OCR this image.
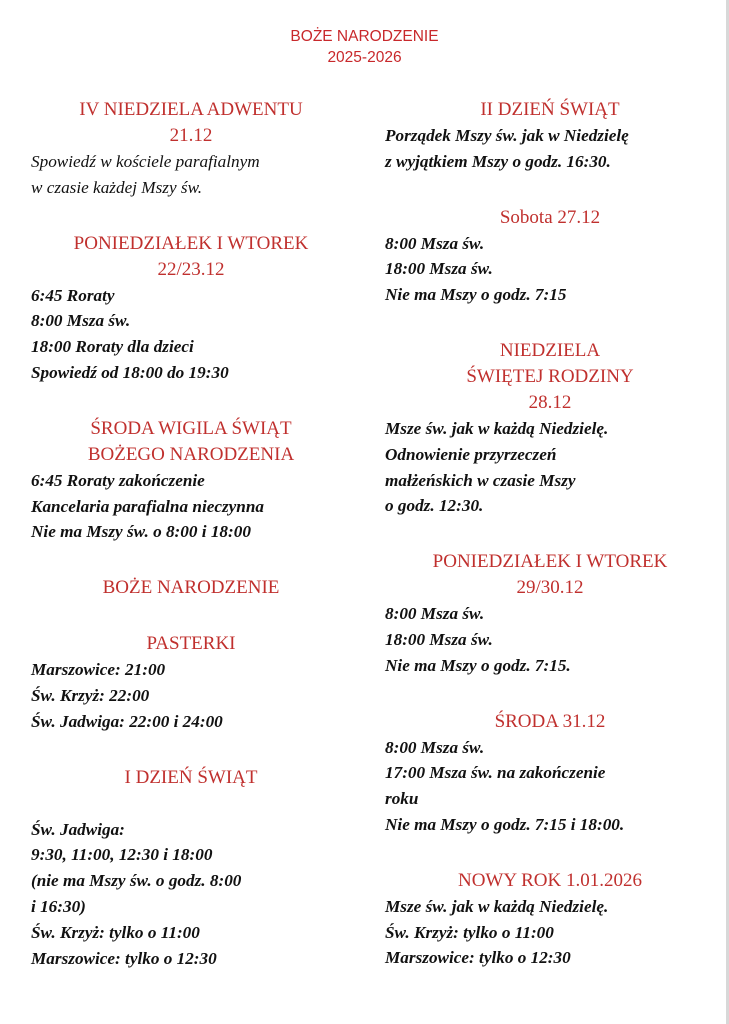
BOŻE NARODZENIE
2025-2026
IV NIEDZIELA ADWENTU
21.12
Spowiedź w kościele parafialnym
w czasie każdej Mszy św.
PONIEDZIAŁEK I WTOREK
22/23.12
6:45 Roraty
8:00 Msza św.
18:00 Roraty dla dzieci
Spowiedź od 18:00 do 19:30
ŚRODA WIGILA ŚWIĄT
BOŻEGO NARODZENIA
6:45 Roraty zakończenie
Kancelaria parafialna nieczynna
Nie ma Mszy św. o 8:00 i 18:00
BOŻE NARODZENIE
PASTERKI
Marszowice: 21:00
Św. Krzyż: 22:00
Św. Jadwiga: 22:00 i 24:00
I DZIEŃ ŚWIĄT
Św. Jadwiga:
9:30, 11:00, 12:30 i 18:00
(nie ma Mszy św. o godz. 8:00
i 16:30)
Św. Krzyż: tylko o 11:00
Marszowice: tylko o 12:30
II DZIEŃ ŚWIĄT
Porządek Mszy św. jak w Niedzielę
z wyjątkiem Mszy o godz. 16:30.
Sobota 27.12
8:00 Msza św.
18:00 Msza św.
Nie ma Mszy o godz. 7:15
NIEDZIELA
ŚWIĘTEJ RODZINY
28.12
Msze św. jak w każdą Niedzielę.
Odnowienie przyrzeczeń
małżeńskich w czasie Mszy
o godz. 12:30.
PONIEDZIAŁEK I WTOREK
29/30.12
8:00 Msza św.
18:00 Msza św.
Nie ma Mszy o godz. 7:15.
ŚRODA 31.12
8:00 Msza św.
17:00 Msza św. na zakończenie
roku
Nie ma Mszy o godz. 7:15 i 18:00.
NOWY ROK 1.01.2026
Msze św. jak w każdą Niedzielę.
Św. Krzyż: tylko o 11:00
Marszowice: tylko o 12:30
